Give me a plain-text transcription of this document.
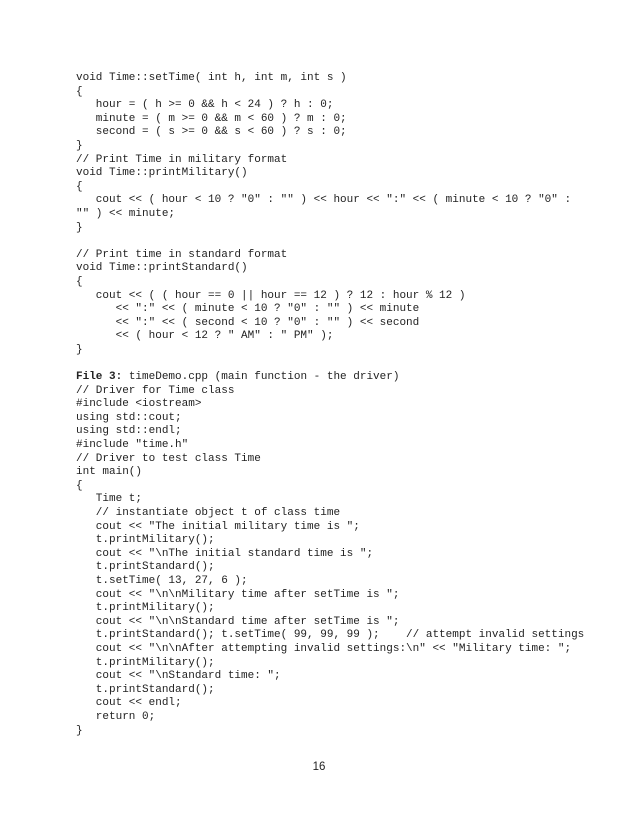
void Time::setTime( int h, int m, int s )
{
hour = ( h >= 0 && h < 24 ) ? h : 0;
minute = ( m >= 0 && m < 60 ) ? m : 0;
second = ( s >= 0 && s < 60 ) ? s : 0;
}
// Print Time in military format
void Time::printMilitary()
{
cout << ( hour < 10 ? "0" : "" ) << hour << ":" << ( minute < 10 ? "0" :
"" ) << minute;
}
// Print time in standard format
void Time::printStandard()
{
cout << ( ( hour == 0 || hour == 12 ) ? 12 : hour % 12 )
<< ":" << ( minute < 10 ? "0" : "" ) << minute
<< ":" << ( second < 10 ? "0" : "" ) << second
<< ( hour < 12 ? " AM" : " PM" );
}
File 3: timeDemo.cpp (main function - the driver)
// Driver for Time class
#include <iostream>
using std::cout;
using std::endl;
#include "time.h"
// Driver to test class Time
int main()
{
Time t;
// instantiate object t of class time
cout << "The initial military time is ";
t.printMilitary();
cout << "\nThe initial standard time is ";
t.printStandard();
t.setTime( 13, 27, 6 );
cout << "\n\nMilitary time after setTime is ";
t.printMilitary();
cout << "\n\nStandard time after setTime is ";
t.printStandard(); t.setTime( 99, 99, 99 );    // attempt invalid settings
cout << "\n\nAfter attempting invalid settings:\n" << "Military time: ";
t.printMilitary();
cout << "\nStandard time: ";
t.printStandard();
cout << endl;
return 0;
}
16
